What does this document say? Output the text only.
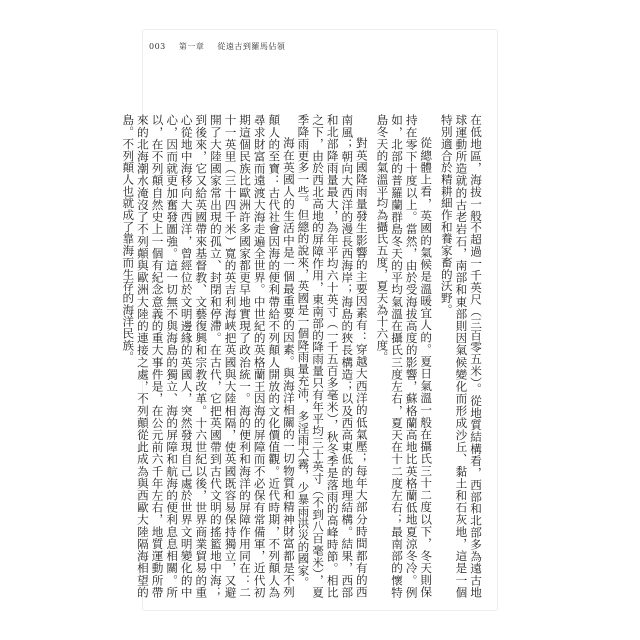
003 第一章 從遠古到羅馬佔領

在低地區，海拔一般不超過一千英尺（三百零五米）。從地質結構看，西部和北部多為遠古地球運動所造就的古老岩石，南部和東部則因氣候變化而形成沙丘、黏土和石灰地，這是一個特別適合於精耕細作和養家畜的沃野。

從總體上看，英國的氣候是溫暖宜人的。夏日氣溫一般在攝氏三十二度以下，冬天則保持在零下十度以上。當然，由於受海拔高度的影響，蘇格蘭高地比英格蘭低地夏涼冬冷。例如，北部的普羅蘭群島冬天的平均氣溫在攝氏三度左右，夏天在十二度左右；最南部的懷特島冬天的氣溫平均為攝氏五度，夏天為十六度。

對英國降雨量發生影響的主要因素有：穿越大西洋的低氣壓；每年大部分時間都有的西南風；朝向大西洋的漫長西海岸；海島的狹長構造；以及西高東低的地理結構。結果，西部和北部降雨量最大，為年平均六十英寸（一千五百多毫米），秋冬季是落雨的高峰時節。相比之下，由於西北高地的屏障作用，東南部的降雨量只有年平均三十英寸（不到八百毫米），夏季降雨更多一些。但總的說來，英國是一個降雨量充沛，多淫雨大霧，少暴雨洪災的國家。

海在英國人的生活中是一個最重要的因素。與海洋相關的一切物質和精神財富都是不列顛人的至寶：古代社會因海的便利帶給不列顛人開放的文化價值觀。近代時期，不列顛人為尋求財富而遠渡大海走遍全世界。中世紀的英格蘭王因海的屏障而不必保有常備軍，近代初期這個民族比歐洲許多國家都更早地實現了政治統一。海的便利和海洋的屏障作用同在：二十一英里（三十四千米）寬的英吉利海峽把英國與大陸相隔，使英國既容易保持獨立，又避開了大陸國家常出現的孤立、封閉和停滯。在古代，它把英國帶到古代文明的搖籃地中海；到後來，它又給英國帶來基督教、文藝復興和宗教改革。十六世紀以後，世界商業貿易的重心從地中海移向大西洋，曾經位於文明邊緣的英國人，突然發現自己處於世界文明變化的中心，因而就更加奮發圖強。這一切無不與海島的獨立、海的屏障和航海的便利息息相關。所以，在不列顛自然史上一個有紀念意義的重大事件是，在公元前六千年左右，地質運動所帶來的北海潮水淹沒了不列顛與歐洲大陸的連接之處，不列顛從此成為與西歐大陸隔海相望的島。不列顛人也就成了靠海而生存的海洋民族。
